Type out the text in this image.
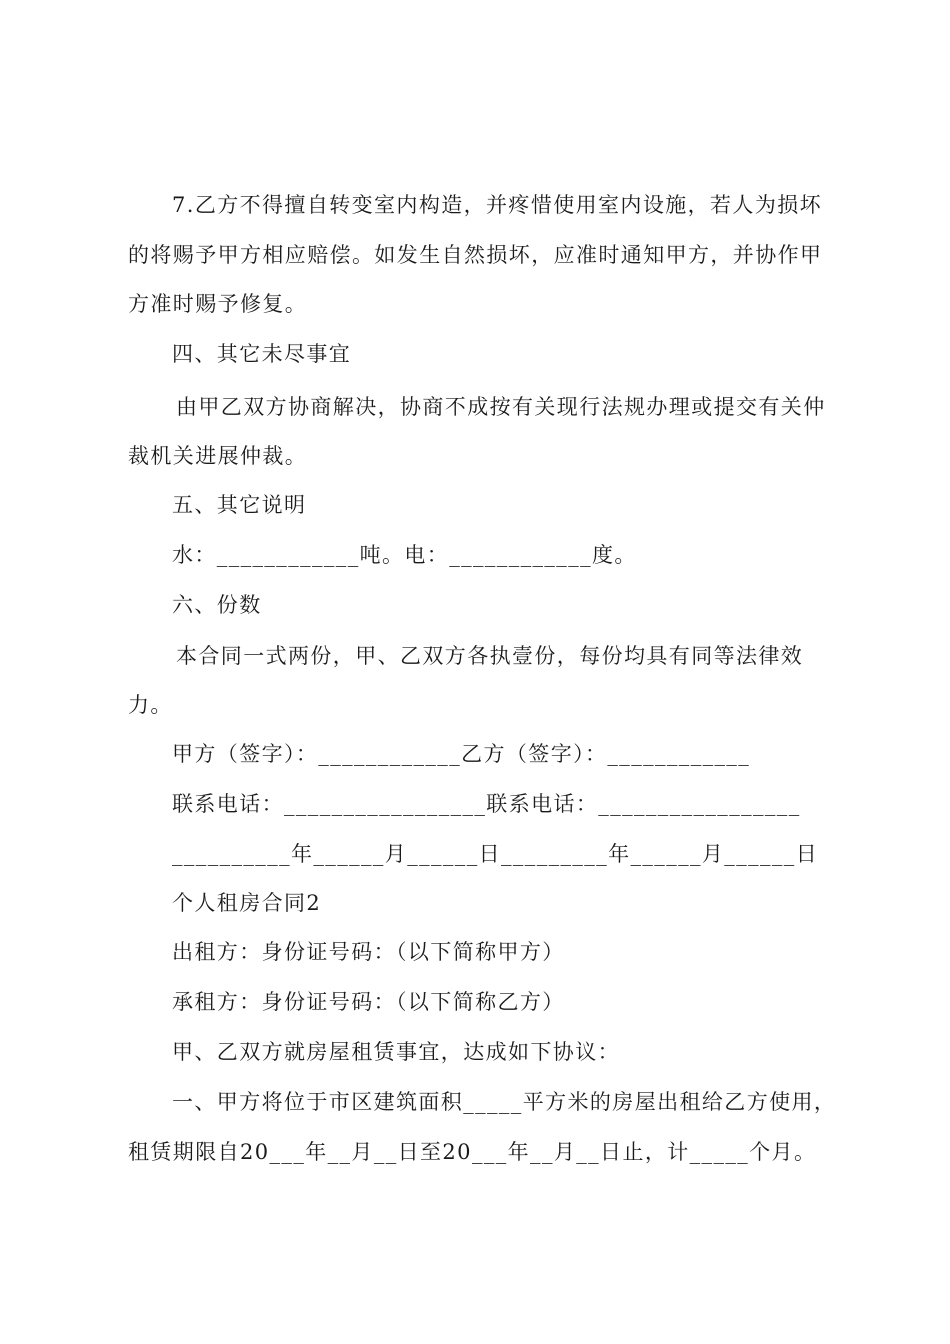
7.乙方不得擅自转变室内构造，并疼惜使用室内设施，若人为损坏
的将赐予甲方相应赔偿。如发生自然损坏，应准时通知甲方，并协作甲
方准时赐予修复。
四、其它未尽事宜
由甲乙双方协商解决，协商不成按有关现行法规办理或提交有关仲
裁机关进展仲裁。
五、其它说明
水：____________吨。电：____________度。
六、份数
本合同一式两份，甲、乙双方各执壹份，每份均具有同等法律效
力。
甲方（签字）：____________乙方（签字）：____________
联系电话：_________________联系电话：_________________
__________年______月______日_________年______月______日
个人租房合同2
出租方：身份证号码：（以下简称甲方）
承租方：身份证号码：（以下简称乙方）
甲、乙双方就房屋租赁事宜，达成如下协议：
一、甲方将位于市区建筑面积_____平方米的房屋出租给乙方使用，
租赁期限自20___年__月__日至20___年__月__日止，计_____个月。
